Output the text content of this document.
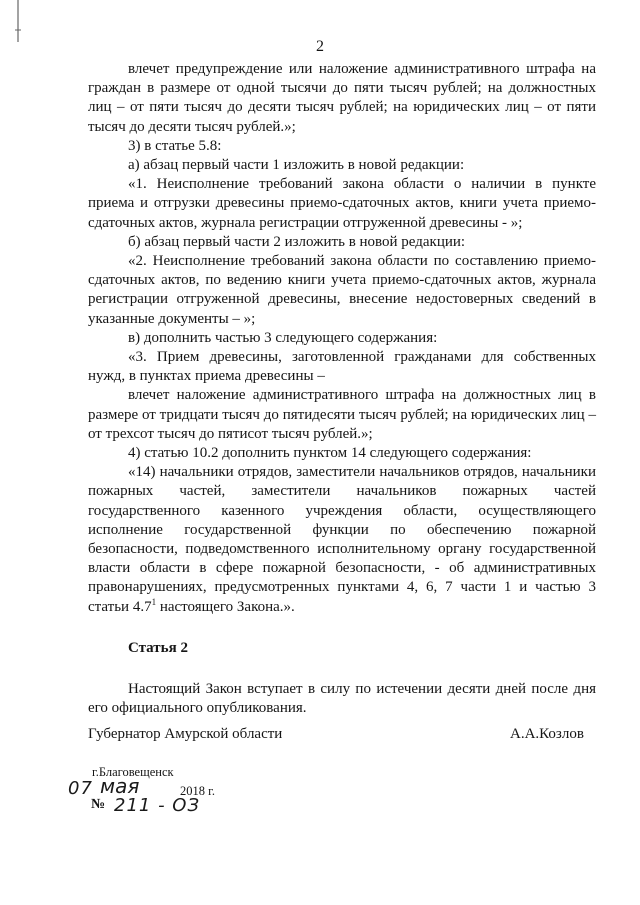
2

влечет предупреждение или наложение административного штрафа на граждан в размере от одной тысячи до пяти тысяч рублей; на должностных лиц – от пяти тысяч до десяти тысяч рублей; на юридических лиц – от пяти тысяч до десяти тысяч рублей.»;

3) в статье 5.8:

а) абзац первый части 1 изложить в новой редакции:

«1. Неисполнение требований закона области о наличии в пункте приема и отгрузки древесины приемо-сдаточных актов, книги учета приемо-сдаточных актов, журнала регистрации отгруженной древесины - »;

б) абзац первый части 2 изложить в новой редакции:

«2. Неисполнение требований закона области по составлению приемо-сдаточных актов, по ведению книги учета приемо-сдаточных актов, журнала регистрации отгруженной древесины, внесение недостоверных сведений в указанные документы – »;

в) дополнить частью 3 следующего содержания:

«3. Прием древесины, заготовленной гражданами для собственных нужд, в пунктах приема древесины –

влечет наложение административного штрафа на должностных лиц в размере от тридцати тысяч до пятидесяти тысяч рублей; на юридических лиц – от трехсот тысяч до пятисот тысяч рублей.»;

4) статью 10.2 дополнить пунктом 14 следующего содержания:

«14) начальники отрядов, заместители начальников отрядов, начальники пожарных частей, заместители начальников пожарных частей государственного казенного учреждения области, осуществляющего исполнение государственной функции по обеспечению пожарной безопасности, подведомственного исполнительному органу государственной власти области в сфере пожарной безопасности, - об административных правонарушениях, предусмотренных пунктами 4, 6, 7 части 1 и частью 3 статьи $4.7^1$ настоящего Закона.».

Статья 2

Настоящий Закон вступает в силу по истечении десяти дней после дня его официального опубликования.

Губернатор Амурской области	А.А.Козлов
г.Благовещенск
07 мая	2018 г.
№ 211 - ОЗ
